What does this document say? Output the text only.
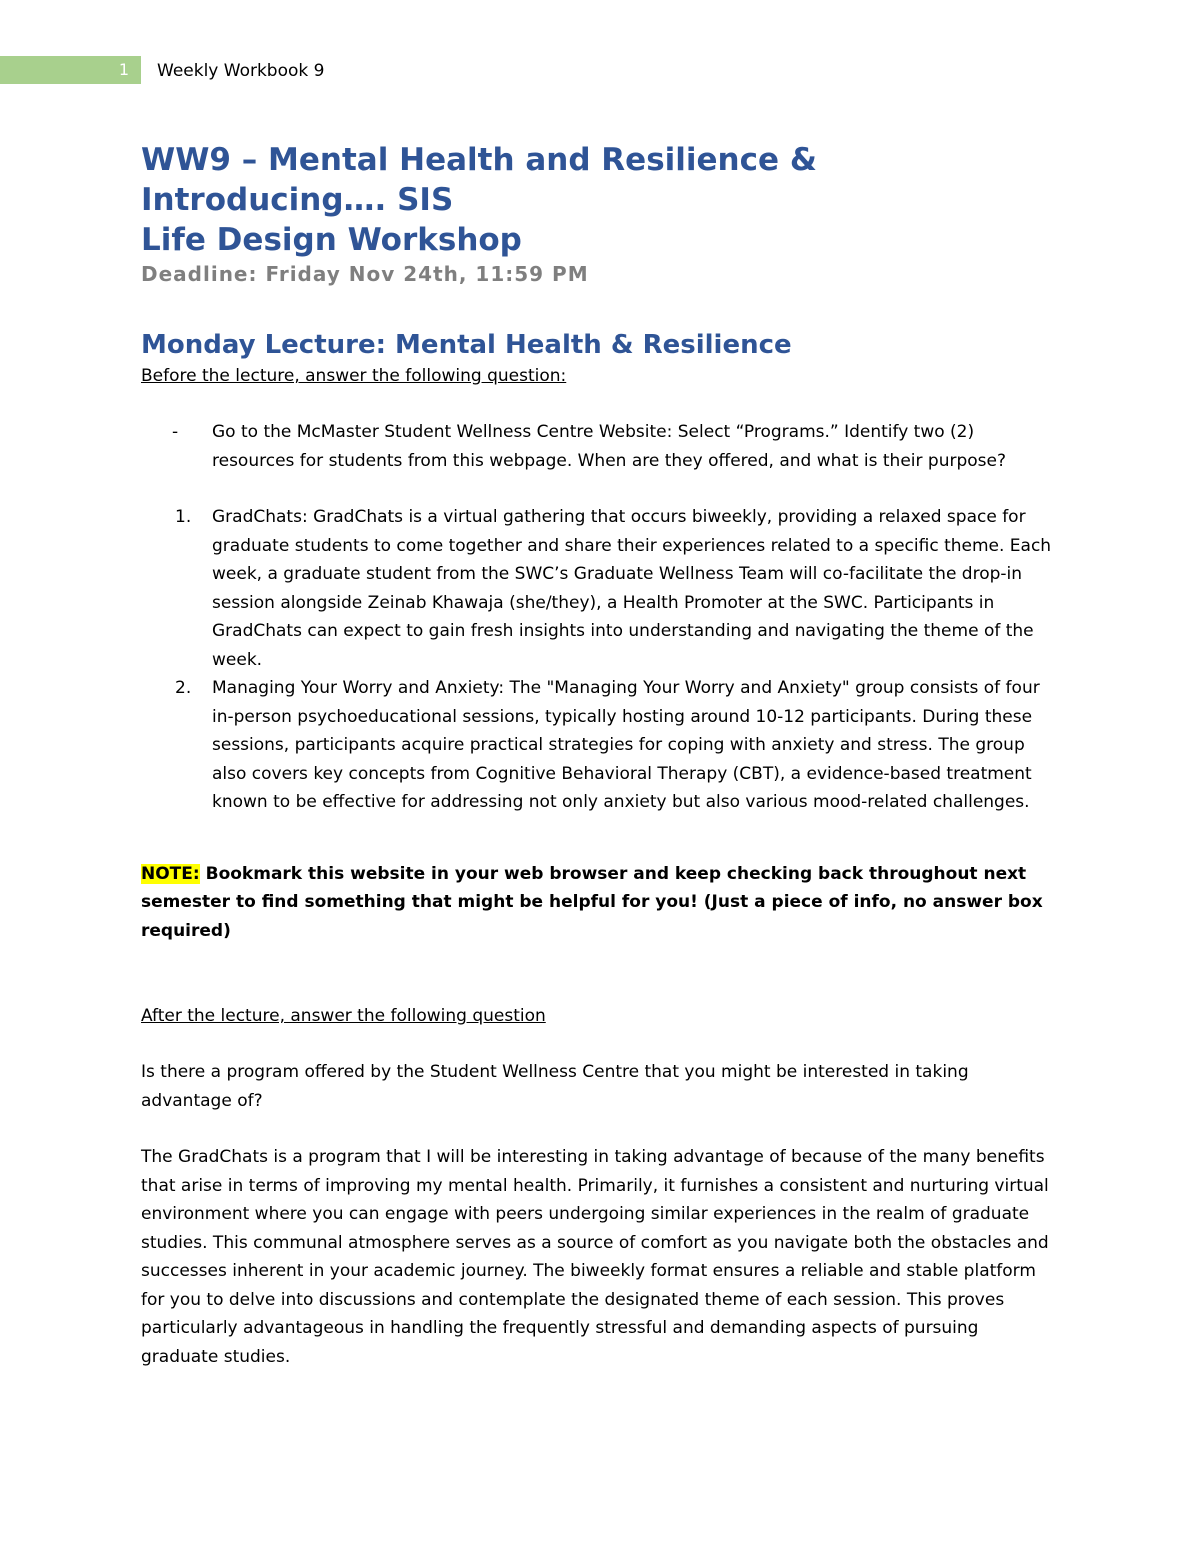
1	Weekly Workbook 9
WW9 – Mental Health and Resilience &
Introducing…. SIS
Life Design Workshop

Deadline: Friday Nov 24th, 11:59 PM

Monday Lecture: Mental Health & Resilience

Before the lecture, answer the following question:

- Go to the McMaster Student Wellness Centre Website: Select “Programs.” Identify two (2) resources for students from this webpage. When are they offered, and what is their purpose?
1. GradChats: GradChats is a virtual gathering that occurs biweekly, providing a relaxed space for graduate students to come together and share their experiences related to a specific theme. Each week, a graduate student from the SWC’s Graduate Wellness Team will co-facilitate the drop-in session alongside Zeinab Khawaja (she/they), a Health Promoter at the SWC. Participants in GradChats can expect to gain fresh insights into understanding and navigating the theme of the week.
2. Managing Your Worry and Anxiety: The "Managing Your Worry and Anxiety" group consists of four in-person psychoeducational sessions, typically hosting around 10-12 participants. During these sessions, participants acquire practical strategies for coping with anxiety and stress. The group also covers key concepts from Cognitive Behavioral Therapy (CBT), a evidence-based treatment known to be effective for addressing not only anxiety but also various mood-related challenges.

NOTE: Bookmark this website in your web browser and keep checking back throughout next semester to find something that might be helpful for you! (Just a piece of info, no answer box required)

After the lecture, answer the following question

Is there a program offered by the Student Wellness Centre that you might be interested in taking advantage of?

The GradChats is a program that I will be interesting in taking advantage of because of the many benefits that arise in terms of improving my mental health. Primarily, it furnishes a consistent and nurturing virtual environment where you can engage with peers undergoing similar experiences in the realm of graduate studies. This communal atmosphere serves as a source of comfort as you navigate both the obstacles and successes inherent in your academic journey. The biweekly format ensures a reliable and stable platform for you to delve into discussions and contemplate the designated theme of each session. This proves particularly advantageous in handling the frequently stressful and demanding aspects of pursuing graduate studies.
